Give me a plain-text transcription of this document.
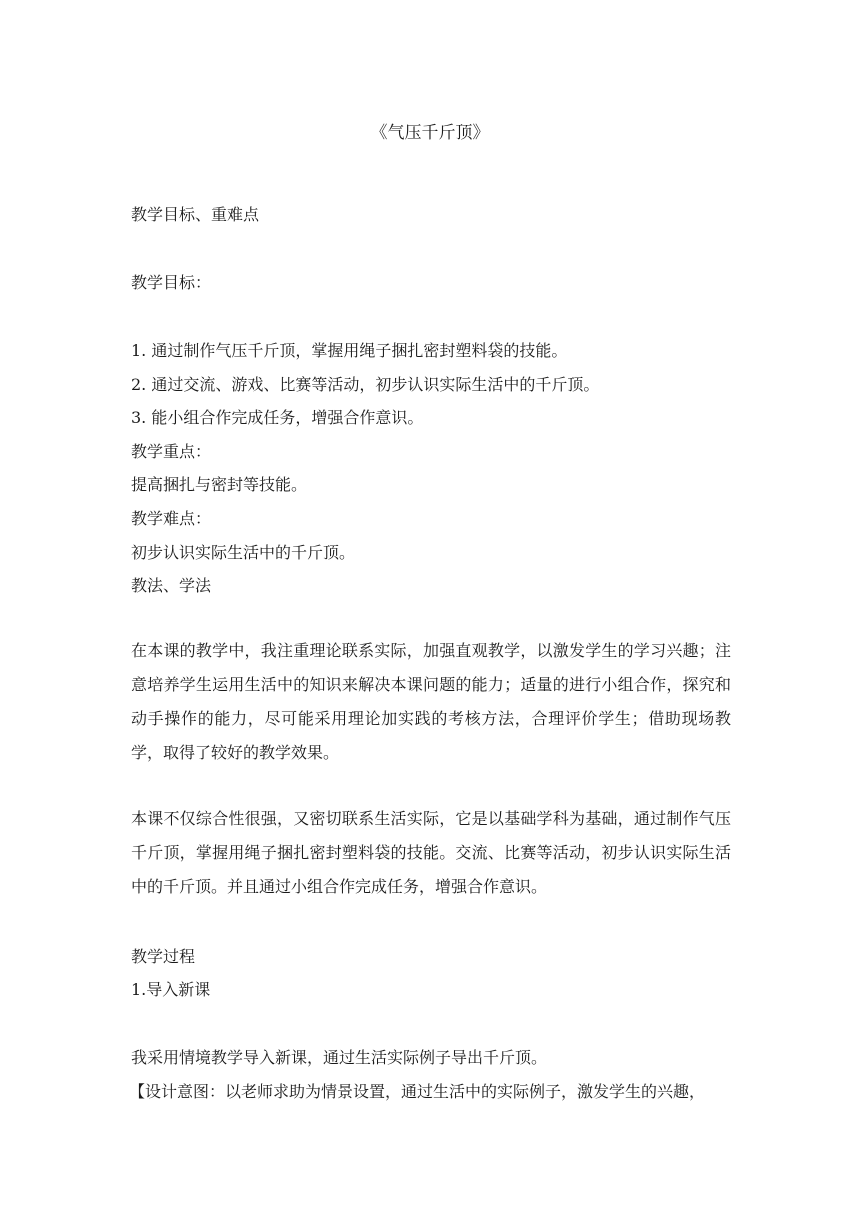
《气压千斤顶》
教学目标、重难点
教学目标：
1. 通过制作气压千斤顶，掌握用绳子捆扎密封塑料袋的技能。
2. 通过交流、游戏、比赛等活动，初步认识实际生活中的千斤顶。
3. 能小组合作完成任务，增强合作意识。
教学重点：
提高捆扎与密封等技能。
教学难点：
初步认识实际生活中的千斤顶。
教法、学法
在本课的教学中，我注重理论联系实际，加强直观教学，以激发学生的学习兴趣；注意培养学生运用生活中的知识来解决本课问题的能力；适量的进行小组合作，探究和动手操作的能力，尽可能采用理论加实践的考核方法，合理评价学生；借助现场教学，取得了较好的教学效果。
本课不仅综合性很强，又密切联系生活实际，它是以基础学科为基础，通过制作气压千斤顶，掌握用绳子捆扎密封塑料袋的技能。交流、比赛等活动，初步认识实际生活中的千斤顶。并且通过小组合作完成任务，增强合作意识。
教学过程
1.导入新课
我采用情境教学导入新课，通过生活实际例子导出千斤顶。
【设计意图：以老师求助为情景设置，通过生活中的实际例子，激发学生的兴趣，
